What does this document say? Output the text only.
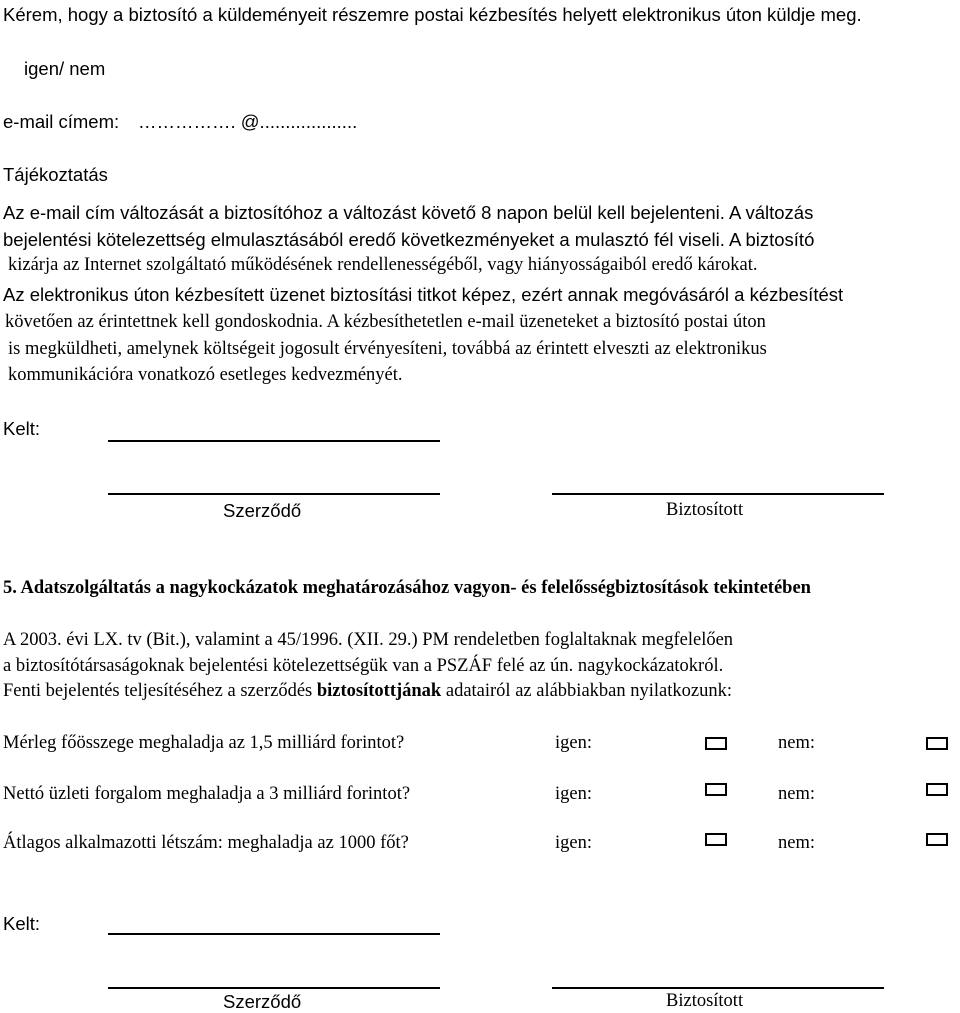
Kérem, hogy a biztosító a küldeményeit részemre postai kézbesítés helyett elektronikus úton küldje meg.
igen/ nem
e-mail címem: ……………. @...................
Tájékoztatás
Az e-mail cím változását a biztosítóhoz a változást követő 8 napon belül kell bejelenteni. A változás
bejelentési kötelezettség elmulasztásából eredő következményeket a mulasztó fél viseli. A biztosító
kizárja az Internet szolgáltató működésének rendellenességéből, vagy hiányosságaiból eredő károkat.
Az elektronikus úton kézbesített üzenet biztosítási titkot képez, ezért annak megóvásáról a kézbesítést
követően az érintettnek kell gondoskodnia. A kézbesíthetetlen e-mail üzeneteket a biztosító postai úton
is megküldheti, amelynek költségeit jogosult érvényesíteni, továbbá az érintett elveszti az elektronikus
kommunikációra vonatkozó esetleges kedvezményét.
Kelt:
Szerződő	Biztosított
5. Adatszolgáltatás a nagykockázatok meghatározásához vagyon- és felelősségbiztosítások tekintetében
A 2003. évi LX. tv (Bit.), valamint a 45/1996. (XII. 29.) PM rendeletben foglaltaknak megfelelően
a biztosítótársaságoknak bejelentési kötelezettségük van a PSZÁF felé az ún. nagykockázatokról.
Fenti bejelentés teljesítéséhez a szerződés biztosítottjának adatairól az alábbiakban nyilatkozunk:
Mérleg főösszege meghaladja az 1,5 milliárd forintot?	igen:	nem:
Nettó üzleti forgalom meghaladja a 3 milliárd forintot?	igen:	nem:
Átlagos alkalmazotti létszám: meghaladja az 1000 főt?	igen:	nem:
Kelt:
Szerződő	Biztosított
